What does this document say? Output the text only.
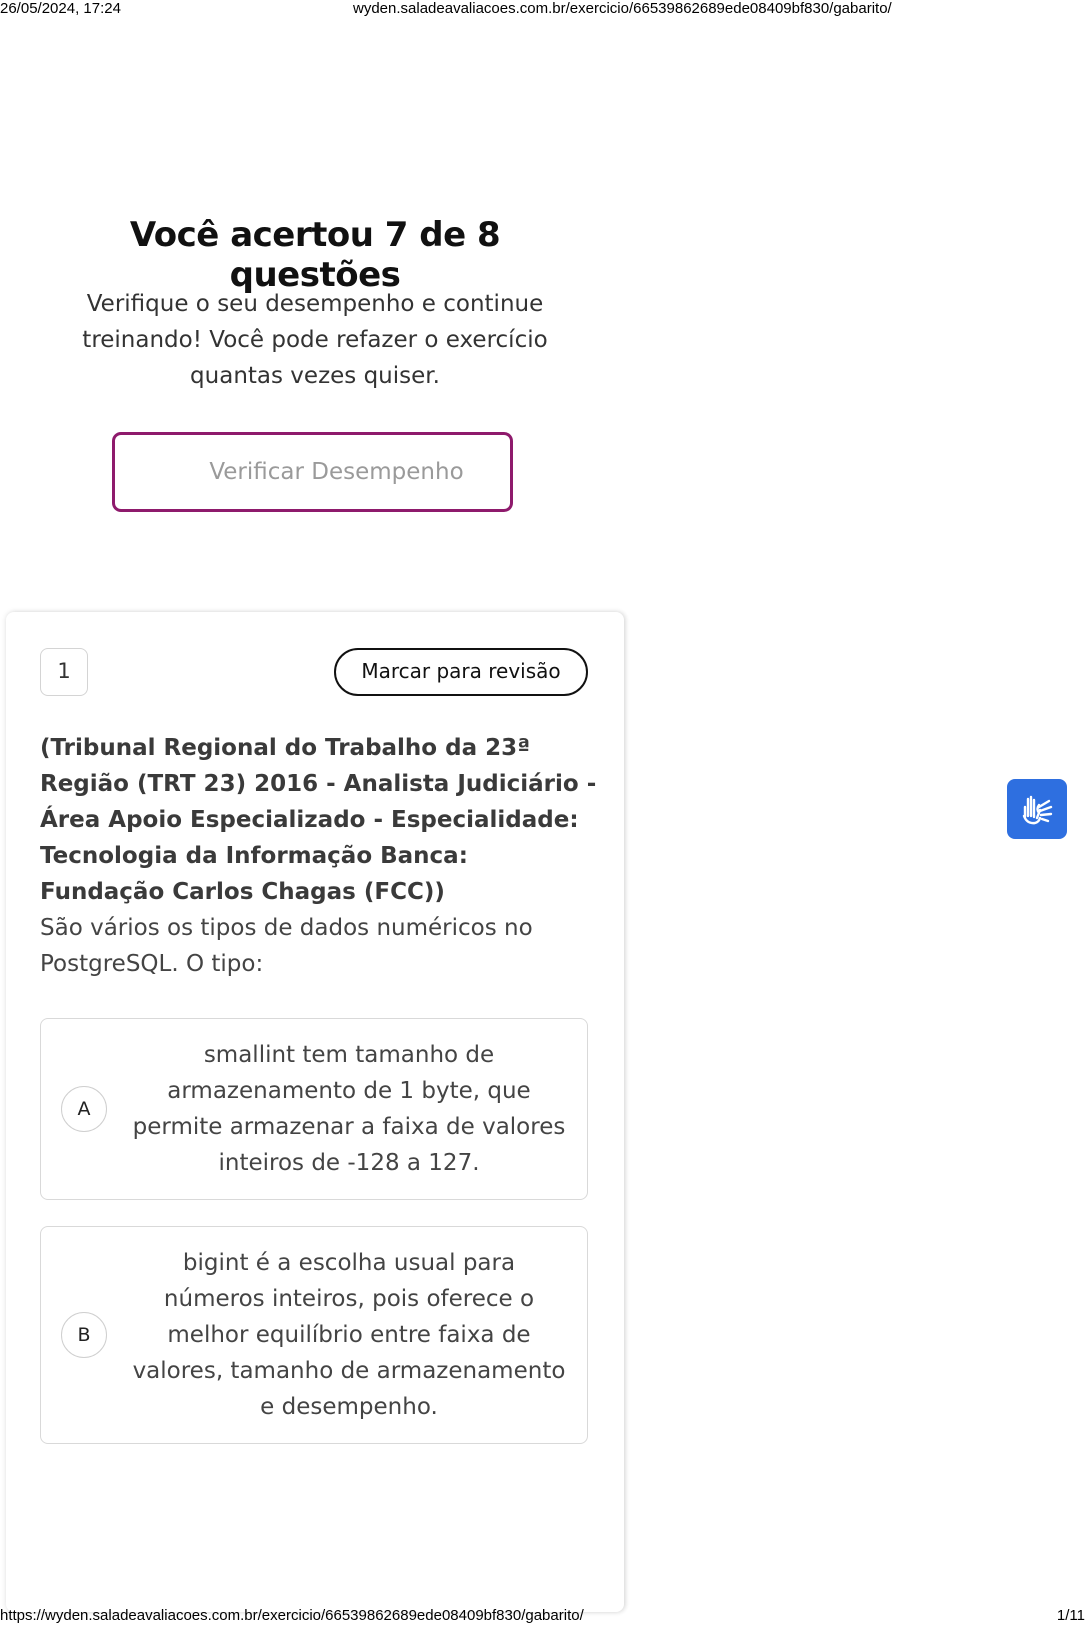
26/05/2024, 17:24	wyden.saladeavaliacoes.com.br/exercicio/66539862689ede08409bf830/gabarito/
Você acertou 7 de 8 questões

Verifique o seu desempenho e continue treinando! Você pode refazer o exercício quantas vezes quiser.

Verificar Desempenho
1	Marcar para revisão

(Tribunal Regional do Trabalho da 23ª Região (TRT 23) 2016 - Analista Judiciário - Área Apoio Especializado - Especialidade: Tecnologia da Informação Banca: Fundação Carlos Chagas (FCC))

São vários os tipos de dados numéricos no PostgreSQL. O tipo:

A
smallint tem tamanho de armazenamento de 1 byte, que permite armazenar a faixa de valores inteiros de -128 a 127.
B
bigint é a escolha usual para números inteiros, pois oferece o melhor equilíbrio entre faixa de valores, tamanho de armazenamento e desempenho.
https://wyden.saladeavaliacoes.com.br/exercicio/66539862689ede08409bf830/gabarito/	1/11
